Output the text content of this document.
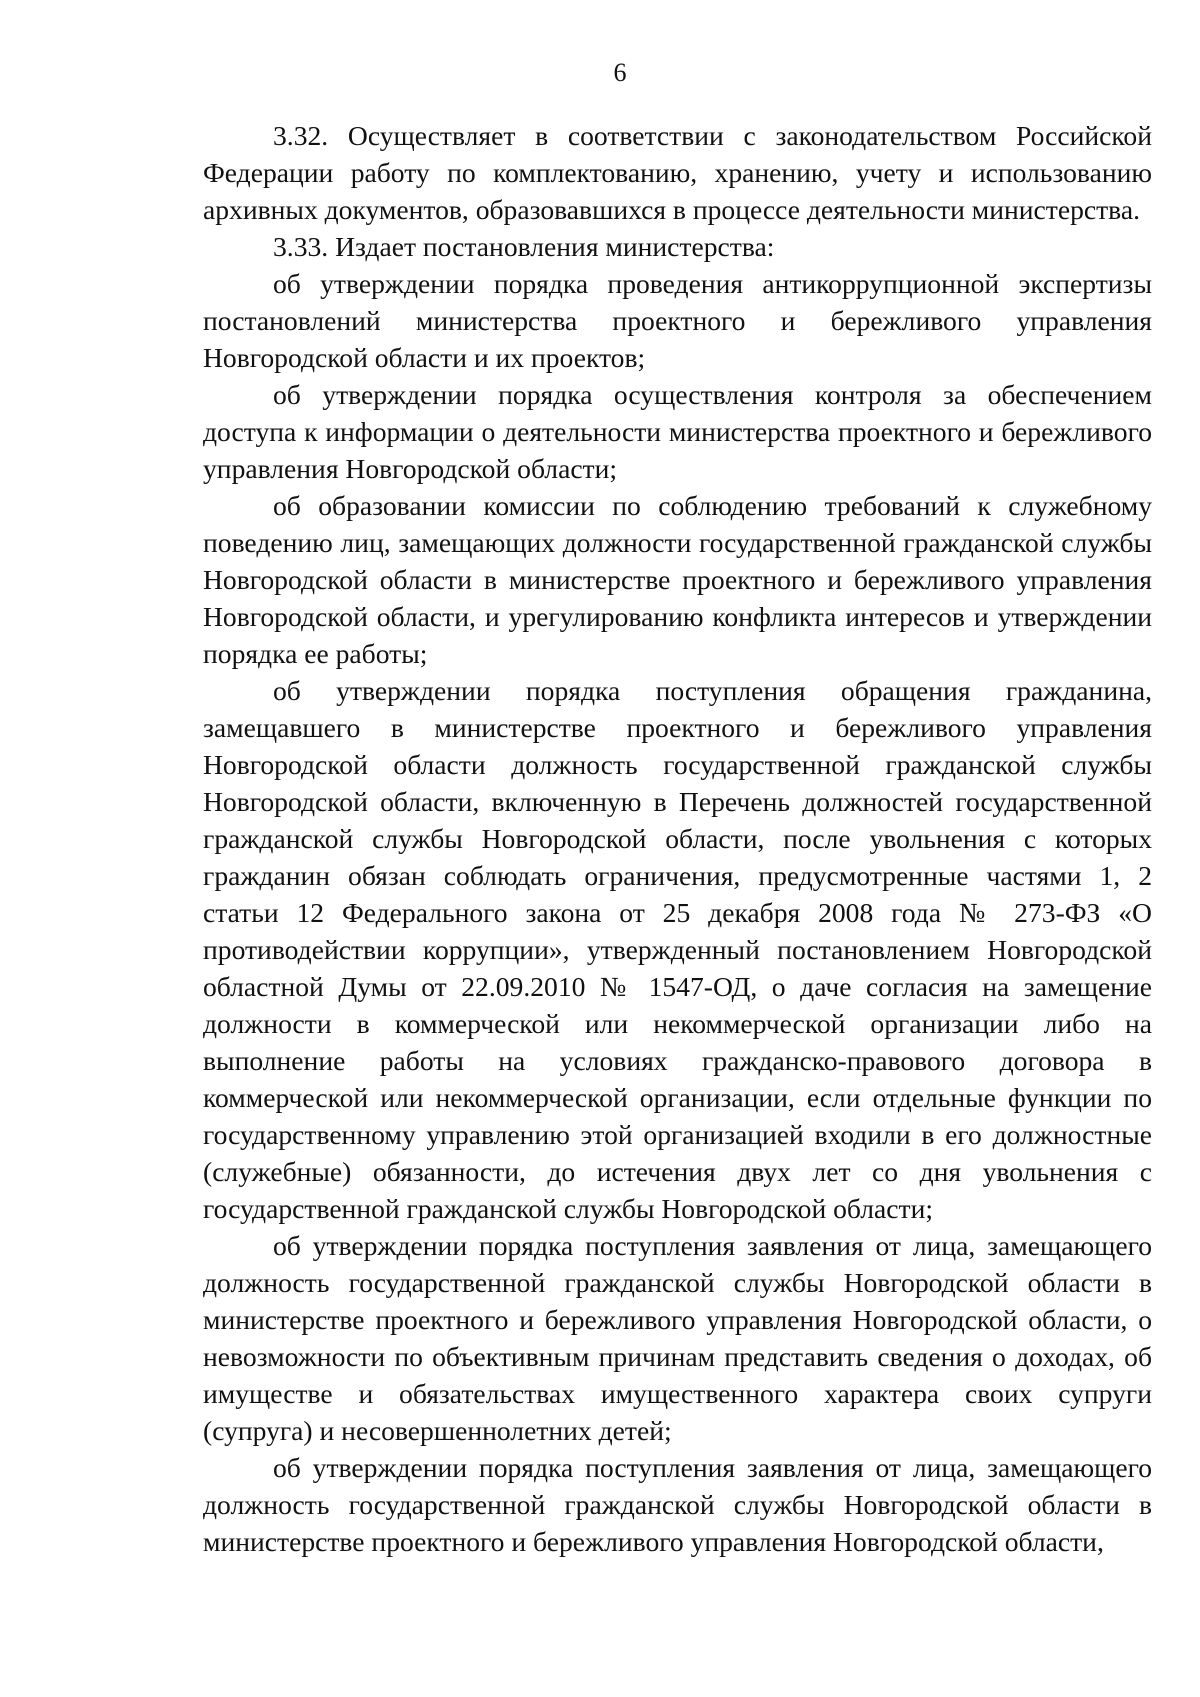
6

3.32. Осуществляет в соответствии с законодательством Российской Федерации работу по комплектованию, хранению, учету и использованию архивных документов, образовавшихся в процессе деятельности министерства.

3.33. Издает постановления министерства:

об утверждении порядка проведения антикоррупционной экспертизы постановлений министерства проектного и бережливого управления Новгородской области и их проектов;

об утверждении порядка осуществления контроля за обеспечением доступа к информации о деятельности министерства проектного и бережливого управления Новгородской области;

об образовании комиссии по соблюдению требований к служебному поведению лиц, замещающих должности государственной гражданской службы Новгородской области в министерстве проектного и бережливого управления Новгородской области, и урегулированию конфликта интересов и утверждении порядка ее работы;

об утверждении порядка поступления обращения гражданина, замещавшего в министерстве проектного и бережливого управления Новгородской области должность государственной гражданской службы Новгородской области, включенную в Перечень должностей государственной гражданской службы Новгородской области, после увольнения с которых гражданин обязан соблюдать ограничения, предусмотренные частями 1, 2 статьи 12 Федерального закона от 25 декабря 2008 года № 273-ФЗ «О противодействии коррупции», утвержденный постановлением Новгородской областной Думы от 22.09.2010 № 1547-ОД, о даче согласия на замещение должности в коммерческой или некоммерческой организации либо на выполнение работы на условиях гражданско-правового договора в коммерческой или некоммерческой организации, если отдельные функции по государственному управлению этой организацией входили в его должностные (служебные) обязанности, до истечения двух лет со дня увольнения с государственной гражданской службы Новгородской области;

об утверждении порядка поступления заявления от лица, замещающего должность государственной гражданской службы Новгородской области в министерстве проектного и бережливого управления Новгородской области, о невозможности по объективным причинам представить сведения о доходах, об имуществе и обязательствах имущественного характера своих супруги (супруга) и несовершеннолетних детей;

об утверждении порядка поступления заявления от лица, замещающего должность государственной гражданской службы Новгородской области в министерстве проектного и бережливого управления Новгородской области,
